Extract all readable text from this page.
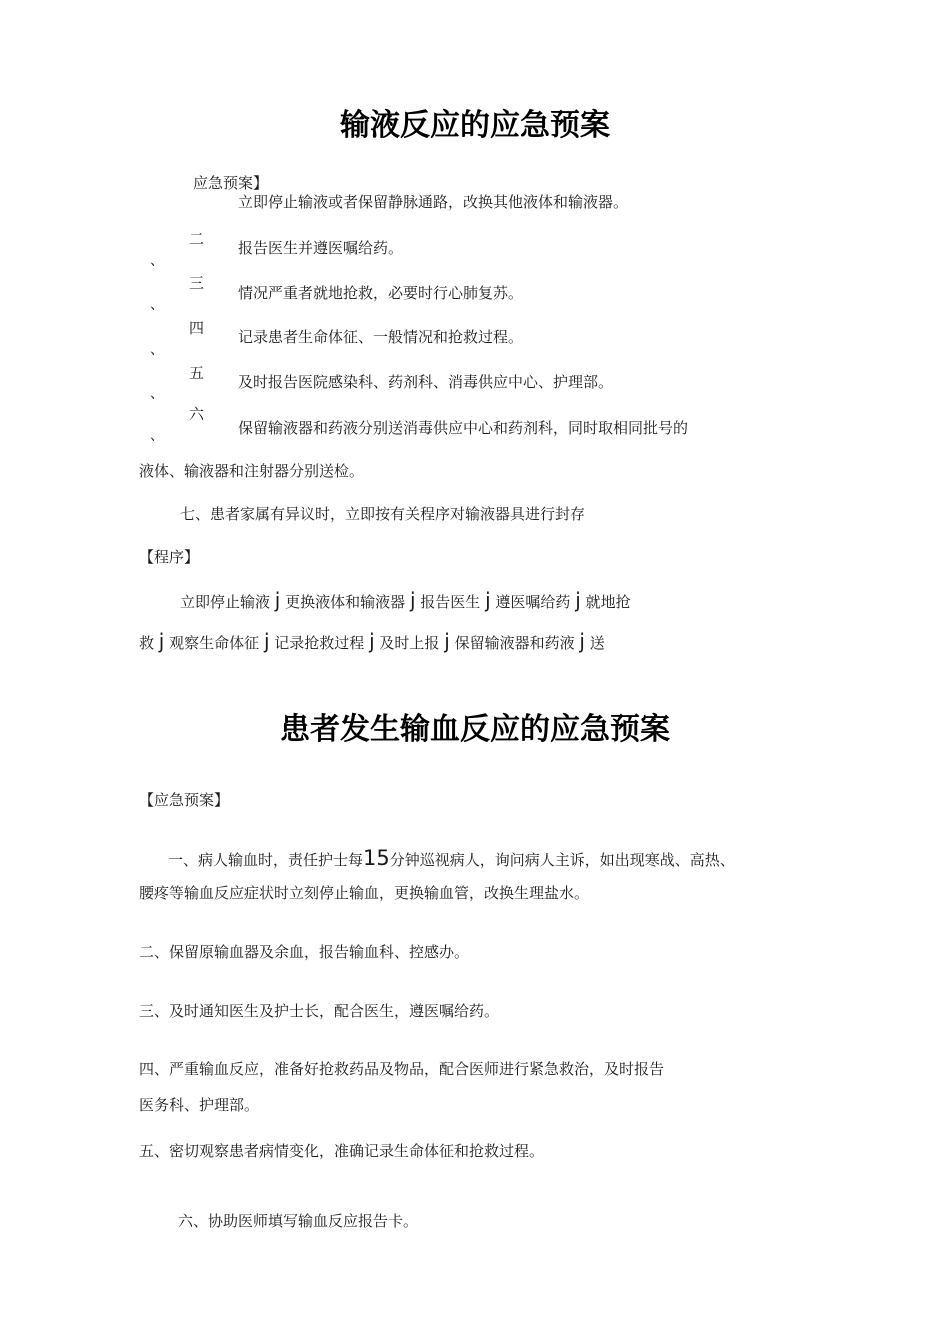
输液反应的应急预案
应急预案】
立即停止输液或者保留静脉通路，改换其他液体和输液器。
二
、
报告医生并遵医嘱给药。
三
、
情况严重者就地抢救，必要时行心肺复苏。
四
、
记录患者生命体征、一般情况和抢救过程。
五
、
及时报告医院感染科、药剂科、消毒供应中心、护理部。
六
、	保留输液器和药液分别送消毒供应中心和药剂科，同时取相同批号的
液体、输液器和注射器分别送检。
七、患者家属有异议时，立即按有关程序对输液器具进行封存
【程序】
立即停止输液 j 更换液体和输液器 j 报告医生 j 遵医嘱给药 j 就地抢
救 j 观察生命体征 j 记录抢救过程 j 及时上报 j 保留输液器和药液 j 送
患者发生输血反应的应急预案
【应急预案】
一、病人输血时，责任护士每15分钟巡视病人，询问病人主诉，如出现寒战、高热、
腰疼等输血反应症状时立刻停止输血，更换输血管，改换生理盐水。
二、保留原输血器及余血，报告输血科、控感办。
三、及时通知医生及护士长，配合医生，遵医嘱给药。
四、严重输血反应，准备好抢救药品及物品，配合医师进行紧急救治，及时报告
医务科、护理部。
五、密切观察患者病情变化，准确记录生命体征和抢救过程。
六、协助医师填写输血反应报告卡。
